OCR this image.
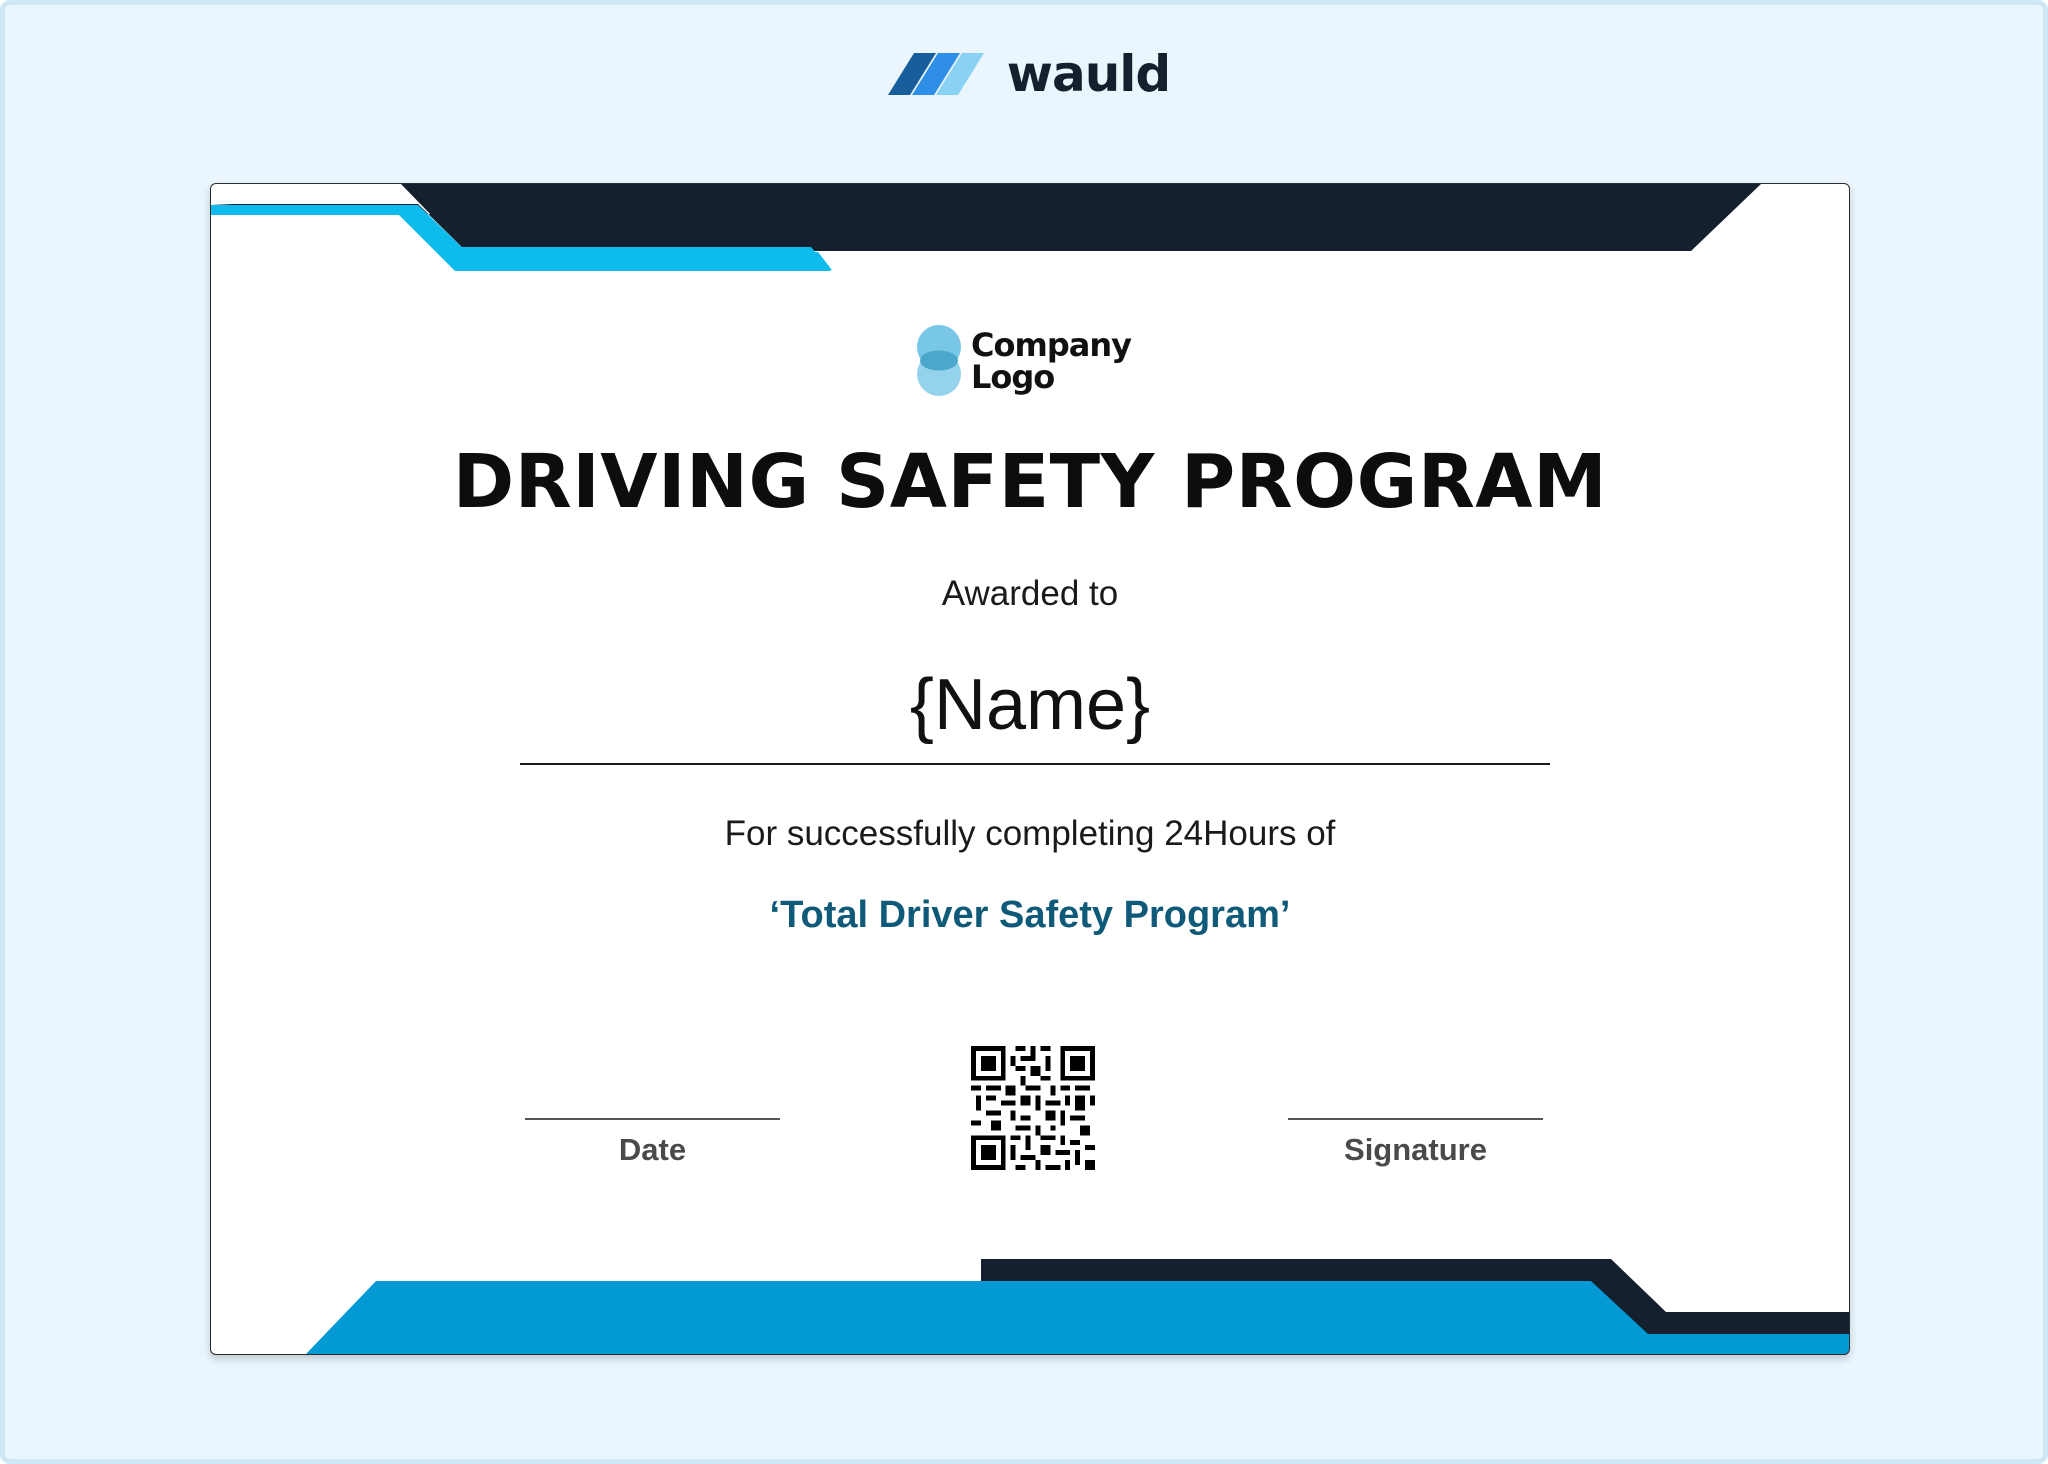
wauld
Company
Logo
DRIVING SAFETY PROGRAM
Awarded to
{Name}
For successfully completing 24Hours of
‘Total Driver Safety Program’
Date	Signature
